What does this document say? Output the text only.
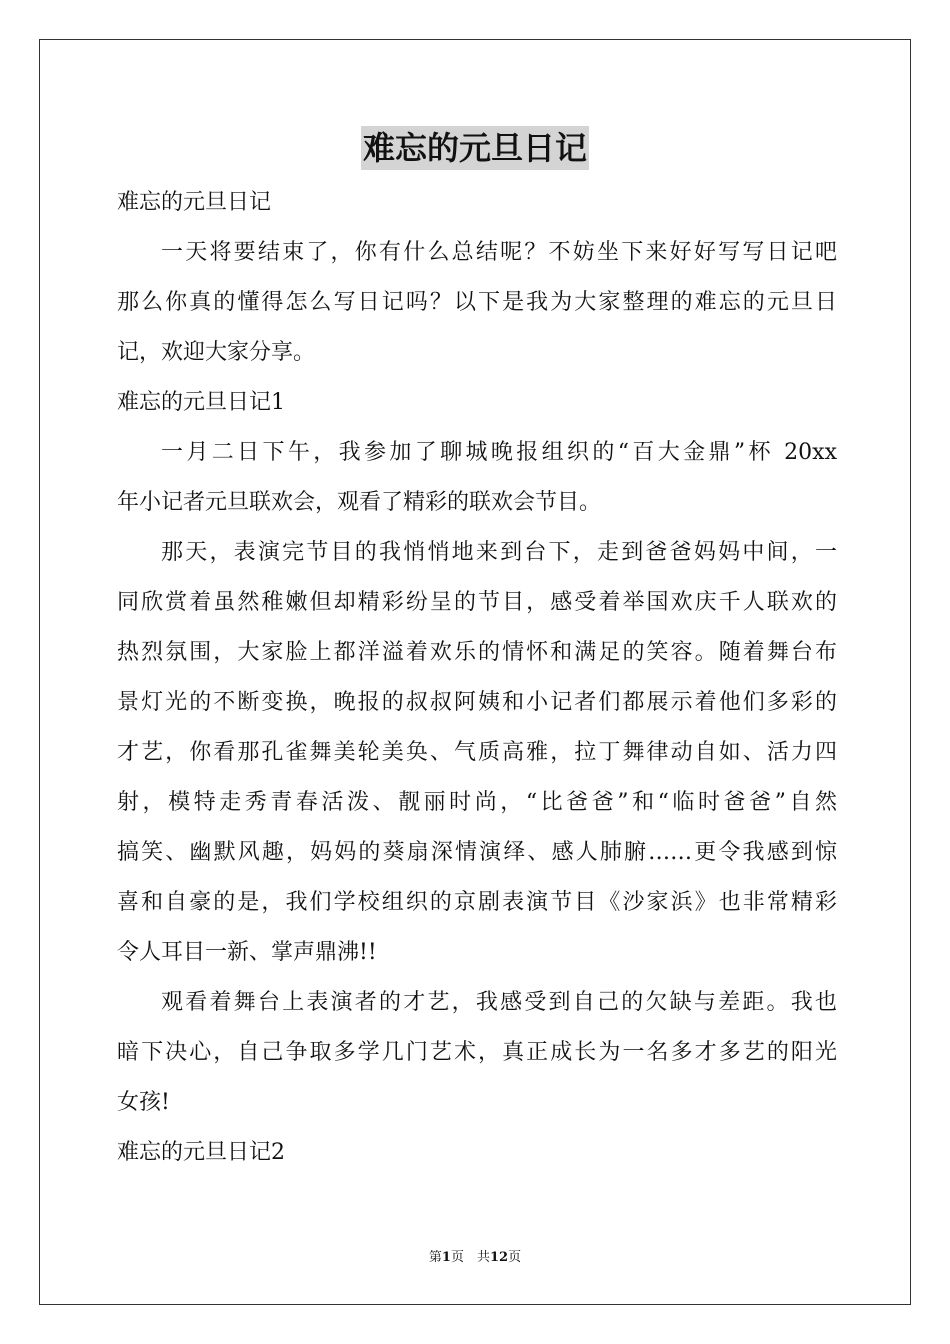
难忘的元旦日记
难忘的元旦日记
一天将要结束了，你有什么总结呢？不妨坐下来好好写写日记吧
那么你真的懂得怎么写日记吗？以下是我为大家整理的难忘的元旦日
记，欢迎大家分享。
难忘的元旦日记1
一月二日下午，我参加了聊城晚报组织的“百大金鼎”杯 20xx
年小记者元旦联欢会，观看了精彩的联欢会节目。
那天，表演完节目的我悄悄地来到台下，走到爸爸妈妈中间，一
同欣赏着虽然稚嫩但却精彩纷呈的节目，感受着举国欢庆千人联欢的
热烈氛围，大家脸上都洋溢着欢乐的情怀和满足的笑容。随着舞台布
景灯光的不断变换，晚报的叔叔阿姨和小记者们都展示着他们多彩的
才艺，你看那孔雀舞美轮美奂、气质高雅，拉丁舞律动自如、活力四
射，模特走秀青春活泼、靓丽时尚，“比爸爸”和“临时爸爸”自然
搞笑、幽默风趣，妈妈的葵扇深情演绎、感人肺腑……更令我感到惊
喜和自豪的是，我们学校组织的京剧表演节目《沙家浜》也非常精彩
令人耳目一新、掌声鼎沸!!
观看着舞台上表演者的才艺，我感受到自己的欠缺与差距。我也
暗下决心，自己争取多学几门艺术，真正成长为一名多才多艺的阳光
女孩!
难忘的元旦日记2
第1页　共12页
